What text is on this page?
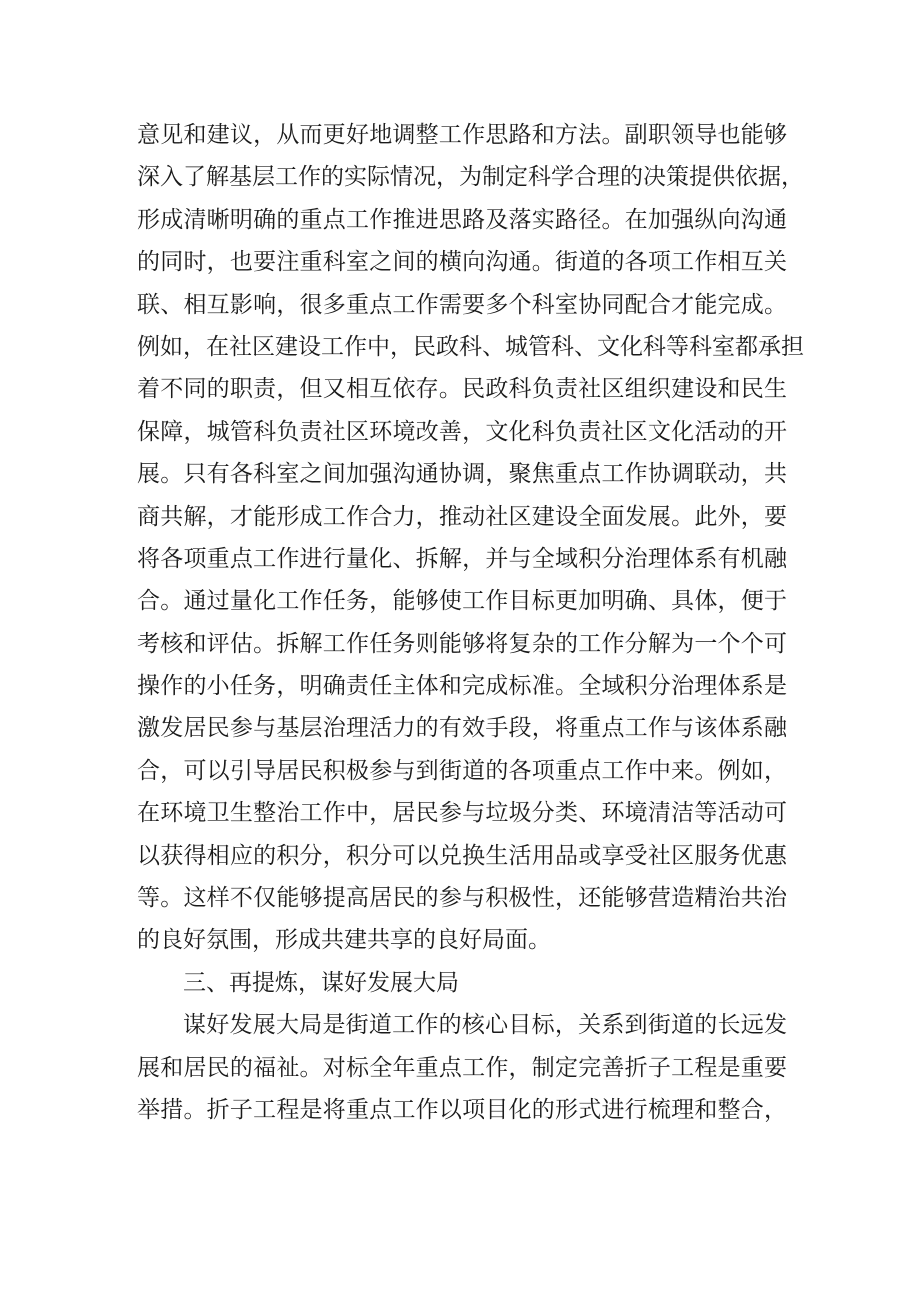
意见和建议，从而更好地调整工作思路和方法。副职领导也能够
深入了解基层工作的实际情况，为制定科学合理的决策提供依据，
形成清晰明确的重点工作推进思路及落实路径。在加强纵向沟通
的同时，也要注重科室之间的横向沟通。街道的各项工作相互关
联、相互影响，很多重点工作需要多个科室协同配合才能完成。
例如，在社区建设工作中，民政科、城管科、文化科等科室都承担
着不同的职责，但又相互依存。民政科负责社区组织建设和民生
保障，城管科负责社区环境改善，文化科负责社区文化活动的开
展。只有各科室之间加强沟通协调，聚焦重点工作协调联动，共
商共解，才能形成工作合力，推动社区建设全面发展。此外，要
将各项重点工作进行量化、拆解，并与全域积分治理体系有机融
合。通过量化工作任务，能够使工作目标更加明确、具体，便于
考核和评估。拆解工作任务则能够将复杂的工作分解为一个个可
操作的小任务，明确责任主体和完成标准。全域积分治理体系是
激发居民参与基层治理活力的有效手段，将重点工作与该体系融
合，可以引导居民积极参与到街道的各项重点工作中来。例如，
在环境卫生整治工作中，居民参与垃圾分类、环境清洁等活动可
以获得相应的积分，积分可以兑换生活用品或享受社区服务优惠
等。这样不仅能够提高居民的参与积极性，还能够营造精治共治
的良好氛围，形成共建共享的良好局面。
三、再提炼，谋好发展大局
谋好发展大局是街道工作的核心目标，关系到街道的长远发
展和居民的福祉。对标全年重点工作，制定完善折子工程是重要
举措。折子工程是将重点工作以项目化的形式进行梳理和整合，
